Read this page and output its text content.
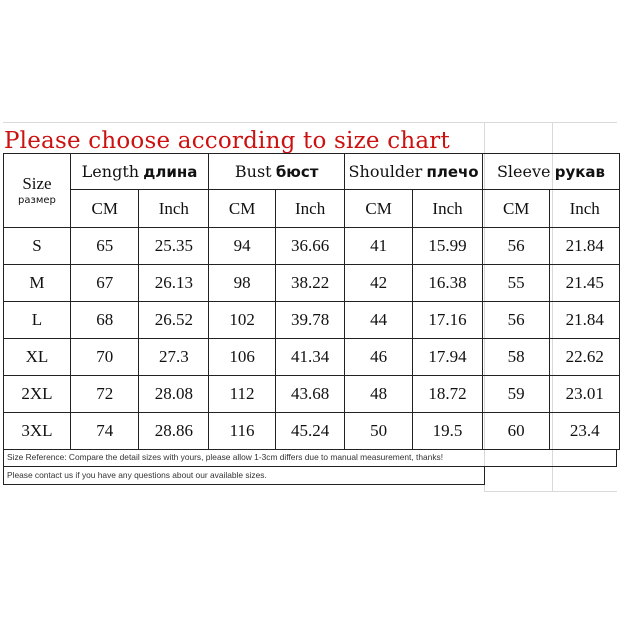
Please choose according to size chart
Size
размер	Length длина		Bust бюст		Shoulder плечо		Sleeve рукав	
	CM	Inch	CM	Inch	CM	Inch	CM	Inch
S	65	25.35	94	36.66	41	15.99	56	21.84
M	67	26.13	98	38.22	42	16.38	55	21.45
L	68	26.52	102	39.78	44	17.16	56	21.84
XL	70	27.3	106	41.34	46	17.94	58	22.62
2XL	72	28.08	112	43.68	48	18.72	59	23.01
3XL	74	28.86	116	45.24	50	19.5	60	23.4
Size Reference: Compare the detail sizes with yours, please allow 1-3cm differs due to manual measurement, thanks!
Please contact us if you have any questions about our available sizes.
